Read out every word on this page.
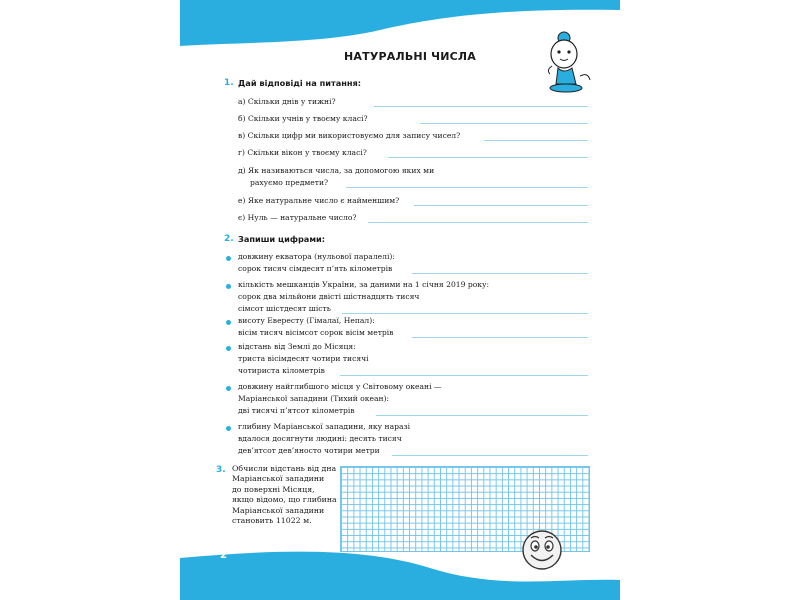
НАТУРАЛЬНІ ЧИСЛА
1. Дай відповіді на питання:
а) Скільки днів у тижні?
б) Скільки учнів у твоєму класі?
в) Скільки цифр ми використовуємо для запису чисел?
г) Скільки вікон у твоєму класі?
д) Як називаються числа, за допомогою яких ми
рахуємо предмети?
е) Яке натуральне число є найменшим?
є) Нуль — натуральне число?
2. Запиши цифрами:
довжину екватора (нульової паралелі):
сорок тисяч сімдесят п’ять кілометрів
кількість мешканців України, за даними на 1 січня 2019 року:
сорок два мільйони двісті шістнадцять тисяч
сімсот шістдесят шість
висоту Евересту (Гімалаї, Непал):
вісім тисяч вісімсот сорок вісім метрів
відстань від Землі до Місяця:
триста вісімдесят чотири тисячі
чотириста кілометрів
довжину найглибшого місця у Світовому океані —
Маріанської западини (Тихий океан):
дві тисячі п’ятсот кілометрів
глибину Маріанської западини, яку наразі
вдалося досягнути людині: десять тисяч
дев’ятсот дев’яносто чотири метри
3. Обчисли відстань від дна
Маріанської западини
до поверхні Місяця,
якщо відомо, що глибина
Маріанської западини
становить 11022 м.
2
